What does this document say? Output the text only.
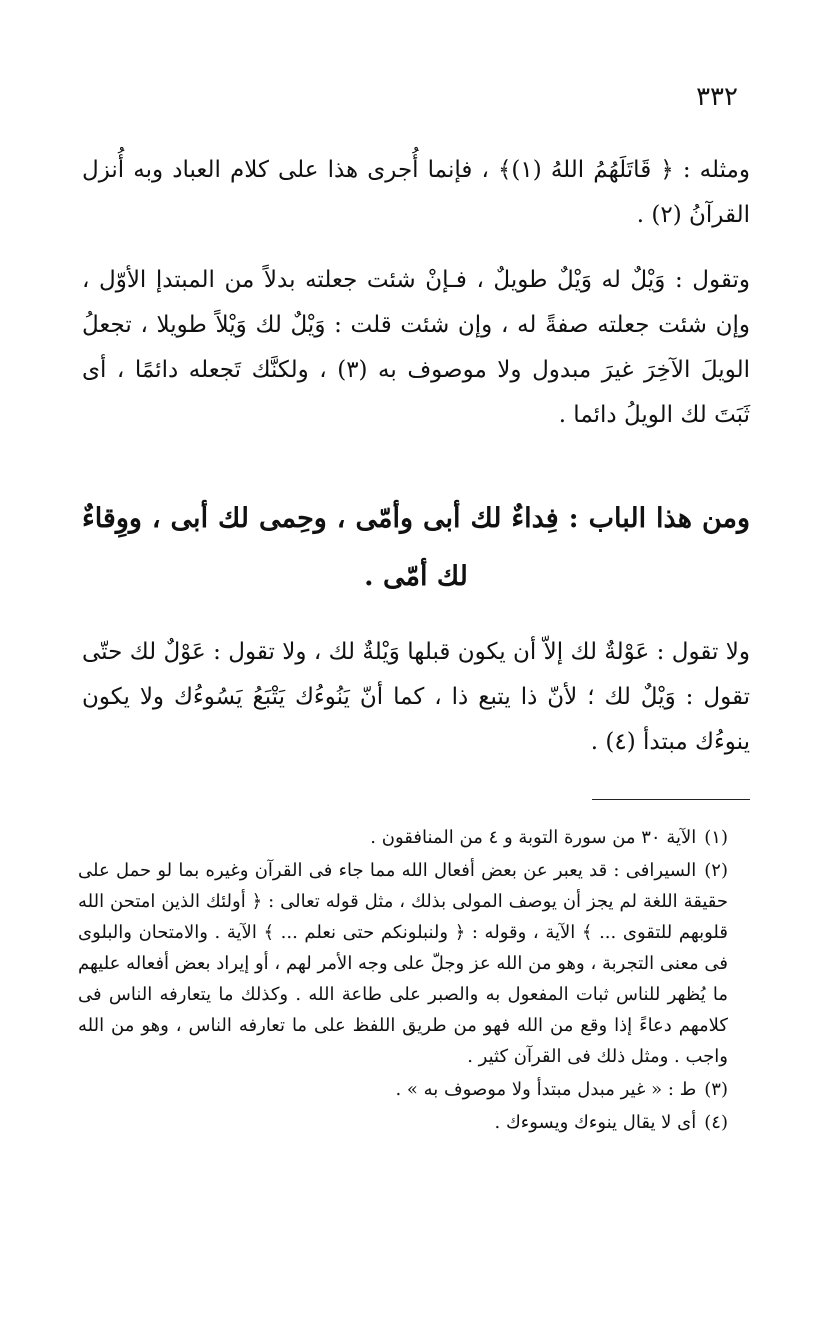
٣٣٢

ومثله : ﴿ قَاتَلَهُمُ اللهُ (١)﴾ ، فإنما أُجرى هذا على كلام العباد وبه أُنزل القرآنُ (٢) .

وتقول : وَيْلٌ له وَيْلٌ طويلٌ ، فـإنْ شئت جعلته بدلاً من المبتدإ الأوّل ، وإن شئت جعلته صفةً له ، وإن شئت قلت : وَيْلٌ لك وَيْلاً طويلا ، تجعلُ الويلَ الآخِرَ غيرَ مبدول ولا موصوف به (٣) ، ولكنَّك تَجعله دائمًا ، أى ثَبَتَ لك الويلُ دائما .

ومن هذا الباب : فِداءٌ لك أبى وأمّى ، وحِمى لك أبى ، ووِقاءٌ لك أمّى .

ولا تقول : عَوْلةٌ لك إلاّ أن يكون قبلها وَيْلةٌ لك ، ولا تقول : عَوْلٌ لك حتّى تقول : وَيْلٌ لك ؛ لأنّ ذا يتبع ذا ، كما أنّ يَنُوءُك يَتْبَعُ يَسُوءُك ولا يكون ينوءُك مبتدأ (٤) .

(١)الآية ٣٠ من سورة التوبة و ٤ من المنافقون .

(٢)السيرافى : قد يعبر عن بعض أفعال الله مما جاء فى القرآن وغيره بما لو حمل على حقيقة اللغة لم يجز أن يوصف المولى بذلك ، مثل قوله تعالى : ﴿ أولئك الذين امتحن الله قلوبهم للتقوى ... ﴾ الآية ، وقوله : ﴿ ولنبلونكم حتى نعلم ... ﴾ الآية . والامتحان والبلوى فى معنى التجربة ، وهو من الله عز وجلّ على وجه الأمر لهم ، أو إيراد بعض أفعاله عليهم ما يُظهر للناس ثبات المفعول به والصبر على طاعة الله . وكذلك ما يتعارفه الناس فى كلامهم دعاءً إذا وقع من الله فهو من طريق اللفظ على ما تعارفه الناس ، وهو من الله واجب . ومثل ذلك فى القرآن كثير .

(٣)ط : « غير مبدل مبتدأ ولا موصوف به » .

(٤)أى لا يقال ينوءك ويسوءك .
